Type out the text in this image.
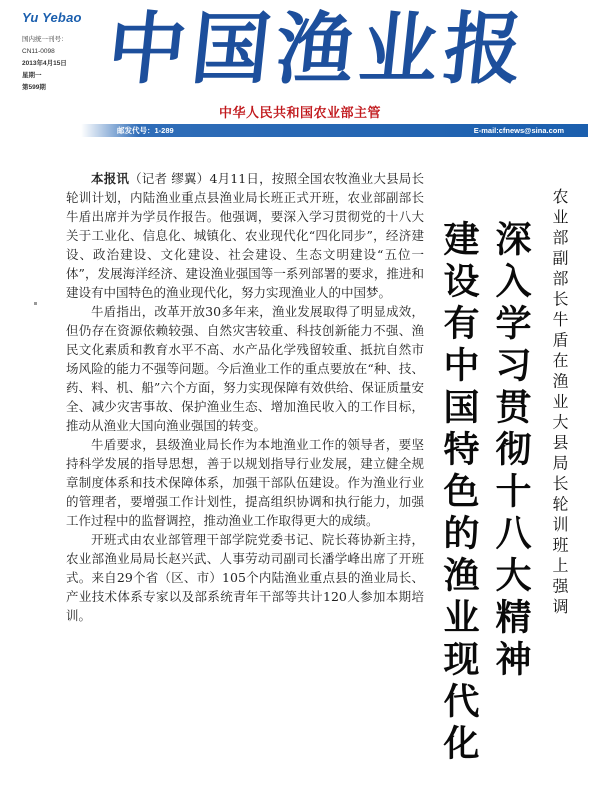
Yu Yebao
国内统一刊号：
CN11-0098
2013年4月15日
星期一
第599期 中国渔业报
中华人民共和国农业部主管
邮发代号：1-289	E-mail:cfnews@sina.com

本报讯（记者 缪翼）4月11日，按照全国农牧渔业大县局长轮训计划，内陆渔业重点县渔业局长班正式开班，农业部副部长牛盾出席并为学员作报告。他强调，要深入学习贯彻党的十八大关于工业化、信息化、城镇化、农业现代化“四化同步”，经济建设、政治建设、文化建设、社会建设、生态文明建设“五位一体”，发展海洋经济、建设渔业强国等一系列部署的要求，推进和建设有中国特色的渔业现代化，努力实现渔业人的中国梦。

牛盾指出，改革开放30多年来，渔业发展取得了明显成效，但仍存在资源依赖较强、自然灾害较重、科技创新能力不强、渔民文化素质和教育水平不高、水产品化学残留较重、抵抗自然市场风险的能力不强等问题。今后渔业工作的重点要放在“种、技、药、料、机、船”六个方面，努力实现保障有效供给、保证质量安全、减少灾害事故、保护渔业生态、增加渔民收入的工作目标，推动从渔业大国向渔业强国的转变。

牛盾要求，县级渔业局长作为本地渔业工作的领导者，要坚持科学发展的指导思想，善于以规划指导行业发展，建立健全规章制度体系和技术保障体系，加强干部队伍建设。作为渔业行业的管理者，要增强工作计划性，提高组织协调和执行能力，加强工作过程中的监督调控，推动渔业工作取得更大的成绩。

开班式由农业部管理干部学院党委书记、院长蒋协新主持，农业部渔业局局长赵兴武、人事劳动司副司长潘学峰出席了开班式。来自29个省（区、市）105个内陆渔业重点县的渔业局长、产业技术体系专家以及部系统青年干部等共计120人参加本期培训。	深入学习贯彻十八大精神
建设有中国特色的渔业现代化	农业部副部长牛盾在渔业大县局长轮训班上强调
